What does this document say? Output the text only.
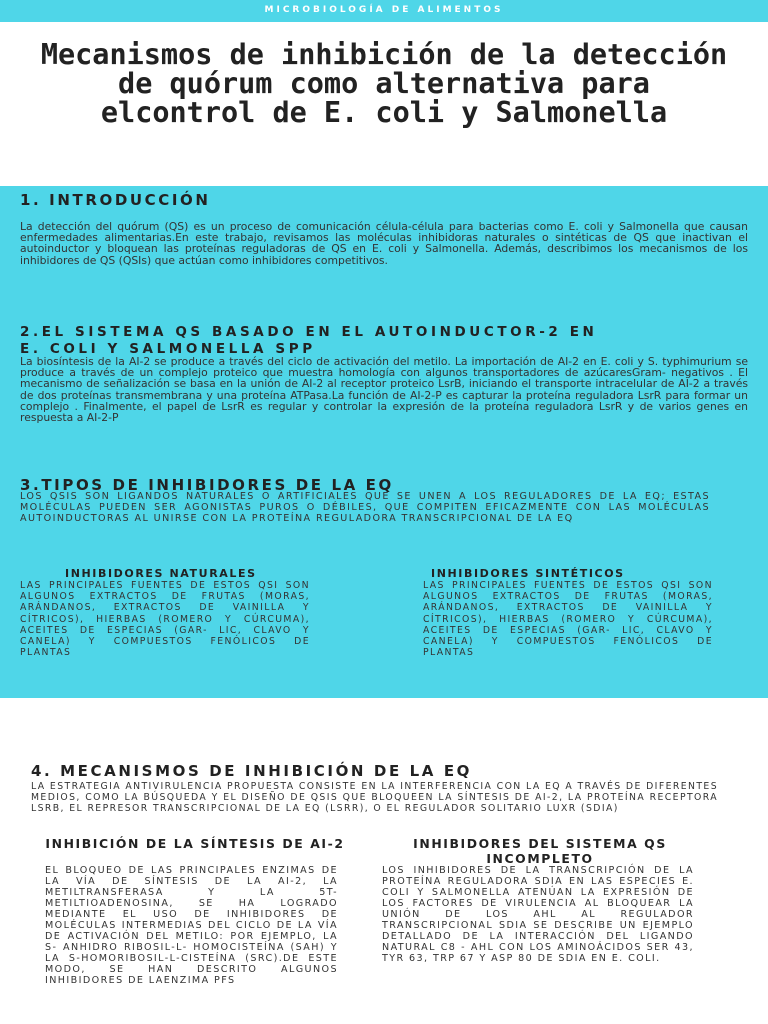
MICROBIOLOGÍA DE ALIMENTOS
Mecanismos de inhibición de la detección de quórum como alternativa para elcontrol de E. coli y Salmonella
1. INTRODUCCIÓN

La detección del quórum (QS) es un proceso de comunicación célula-célula para bacterias como E. coli y Salmonella que causan enfermedades alimentarias.En este trabajo, revisamos las moléculas inhibidoras naturales o sintéticas de QS que inactivan el autoinductor y bloquean las proteínas reguladoras de QS en E. coli y Salmonella. Además, describimos los mecanismos de los inhibidores de QS (QSIs) que actúan como inhibidores competitivos.

2.EL SISTEMA QS BASADO EN EL AUTOINDUCTOR-2 EN
E. COLI Y SALMONELLA SPP

La biosíntesis de la AI-2 se produce a través del ciclo de activación del metilo. La importación de AI-2 en E. coli y S. typhimurium se produce a través de un complejo proteico que muestra homología con algunos transportadores de azúcaresGram- negativos . El mecanismo de señalización se basa en la unión de AI-2 al receptor proteico LsrB, iniciando el transporte intracelular de AI-2 a través de dos proteínas transmembrana y una proteína ATPasa.La función de AI-2-P es capturar la proteína reguladora LsrR para formar un complejo . Finalmente, el papel de LsrR es regular y controlar la expresión de la proteína reguladora LsrR y de varios genes en respuesta a AI-2-P

3.TIPOS DE INHIBIDORES DE LA EQ

LOS QSIS SON LIGANDOS NATURALES O ARTIFICIALES QUE SE UNEN A LOS REGULADORES DE LA EQ; ESTAS MOLÉCULAS PUEDEN SER AGONISTAS PUROS O DÉBILES, QUE COMPITEN EFICAZMENTE CON LAS MOLÉCULAS AUTOINDUCTORAS AL UNIRSE CON LA PROTEÍNA REGULADORA TRANSCRIPCIONAL DE LA EQ

INHIBIDORES NATURALES

LAS PRINCIPALES FUENTES DE ESTOS QSI SON ALGUNOS EXTRACTOS DE FRUTAS (MORAS, ARÁNDANOS, EXTRACTOS DE VAINILLA Y CÍTRICOS), HIERBAS (ROMERO Y CÚRCUMA), ACEITES DE ESPECIAS (GAR- LIC, CLAVO Y CANELA) Y COMPUESTOS FENÓLICOS DE PLANTAS

INHIBIDORES SINTÉTICOS

LAS PRINCIPALES FUENTES DE ESTOS QSI SON ALGUNOS EXTRACTOS DE FRUTAS (MORAS, ARÁNDANOS, EXTRACTOS DE VAINILLA Y CÍTRICOS), HIERBAS (ROMERO Y CÚRCUMA), ACEITES DE ESPECIAS (GAR- LIC, CLAVO Y CANELA) Y COMPUESTOS FENÓLICOS DE PLANTAS

4. MECANISMOS DE INHIBICIÓN DE LA EQ

LA ESTRATEGIA ANTIVIRULENCIA PROPUESTA CONSISTE EN LA INTERFERENCIA CON LA EQ A TRAVÉS DE DIFERENTES MEDIOS, COMO LA BÚSQUEDA Y EL DISEÑO DE QSIS QUE BLOQUEEN LA SÍNTESIS DE AI-2, LA PROTEÍNA RECEPTORA LSRB, EL REPRESOR TRANSCRIPCIONAL DE LA EQ (LSRR), O EL REGULADOR SOLITARIO LUXR (SDIA)

INHIBICIÓN DE LA SÍNTESIS DE AI-2

EL BLOQUEO DE LAS PRINCIPALES ENZIMAS DE LA VÍA DE SÍNTESIS DE LA AI-2, LA METILTRANSFERASA Y LA 5T-METILTIOADENOSINA, SE HA LOGRADO MEDIANTE EL USO DE INHIBIDORES DE MOLÉCULAS INTERMEDIAS DEL CICLO DE LA VÍA DE ACTIVACIÓN DEL METILO: POR EJEMPLO, LA S- ANHIDRO RIBOSIL-L- HOMOCISTEÍNA (SAH) Y LA S-HOMORIBOSIL-L-CISTEÍNA (SRC).DE ESTE MODO, SE HAN DESCRITO ALGUNOS INHIBIDORES DE LAENZIMA PFS

INHIBIDORES DEL SISTEMA QS INCOMPLETO

LOS INHIBIDORES DE LA TRANSCRIPCIÓN DE LA PROTEÍNA REGULADORA SDIA EN LAS ESPECIES E. COLI Y SALMONELLA ATENÚAN LA EXPRESIÓN DE LOS FACTORES DE VIRULENCIA AL BLOQUEAR LA UNIÓN DE LOS AHL AL REGULADOR TRANSCRIPCIONAL SDIA SE DESCRIBE UN EJEMPLO DETALLADO DE LA INTERACCIÓN DEL LIGANDO NATURAL C8 - AHL CON LOS AMINOÁCIDOS SER 43, TYR 63, TRP 67 Y ASP 80 DE SDIA EN E. COLI.
